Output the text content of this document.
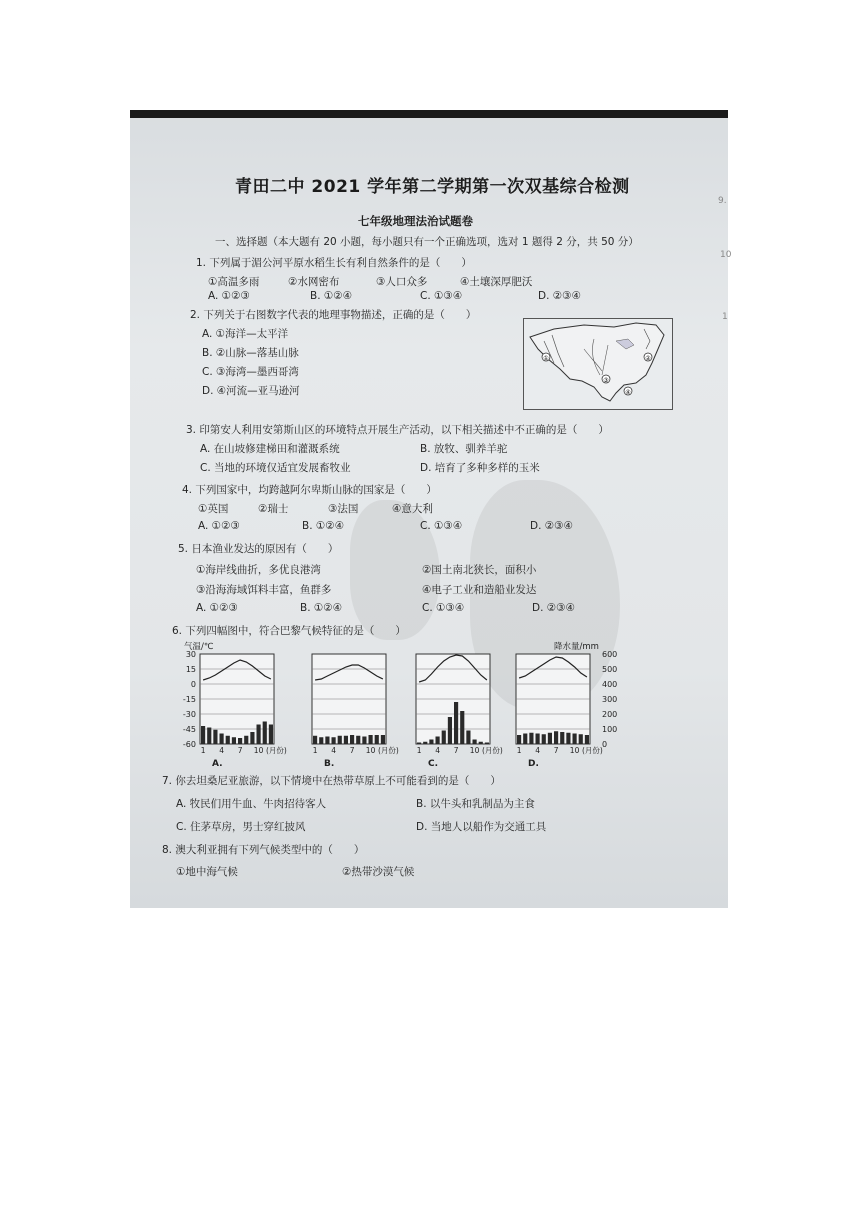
青田二中 2021 学年第二学期第一次双基综合检测
七年级地理法治试题卷
一、选择题（本大题有 20 小题，每小题只有一个正确选项，选对 1 题得 2 分，共 50 分）
1. 下列属于湄公河平原水稻生长有利自然条件的是（　　）
①高温多雨	②水网密布	③人口众多	④土壤深厚肥沃
A. ①②③	B. ①②④	C. ①③④	D. ②③④
2. 下列关于右图数字代表的地理事物描述，正确的是（　　）
A. ①海洋—太平洋
B. ②山脉—落基山脉
C. ③海湾—墨西哥湾
D. ④河流—亚马逊河
①
③
④
②
3. 印第安人利用安第斯山区的环境特点开展生产活动，以下相关描述中不正确的是（　　）
A. 在山坡修建梯田和灌溉系统	B. 放牧、驯养羊驼
C. 当地的环境仅适宜发展畜牧业	D. 培育了多种多样的玉米
4. 下列国家中，均跨越阿尔卑斯山脉的国家是（　　）
①英国	②瑞士	③法国	④意大利
A. ①②③	B. ①②④	C. ①③④	D. ②③④
5. 日本渔业发达的原因有（　　）
①海岸线曲折，多优良港湾	②国土南北狭长，面积小
③沿海海域饵料丰富，鱼群多	④电子工业和造船业发达
A. ①②③	B. ①②④	C. ①③④	D. ②③④
6. 下列四幅图中，符合巴黎气候特征的是（　　）
气温/℃	降水量/mm
30
15
0
-15
-30
-45
-60
600
500
400
300
200
100
0
1 4 7 10 (月份)
A.
1 4 7 10 (月份)
B.
1 4 7 10 (月份)
C.
1 4 7 10 (月份)
D.
7. 你去坦桑尼亚旅游，以下情境中在热带草原上不可能看到的是（　　）
A. 牧民们用牛血、牛肉招待客人	B. 以牛头和乳制品为主食
C. 住茅草房，男士穿红披风	D. 当地人以船作为交通工具
8. 澳大利亚拥有下列气候类型中的（　　）
①地中海气候	②热带沙漠气候
9.
10
1
